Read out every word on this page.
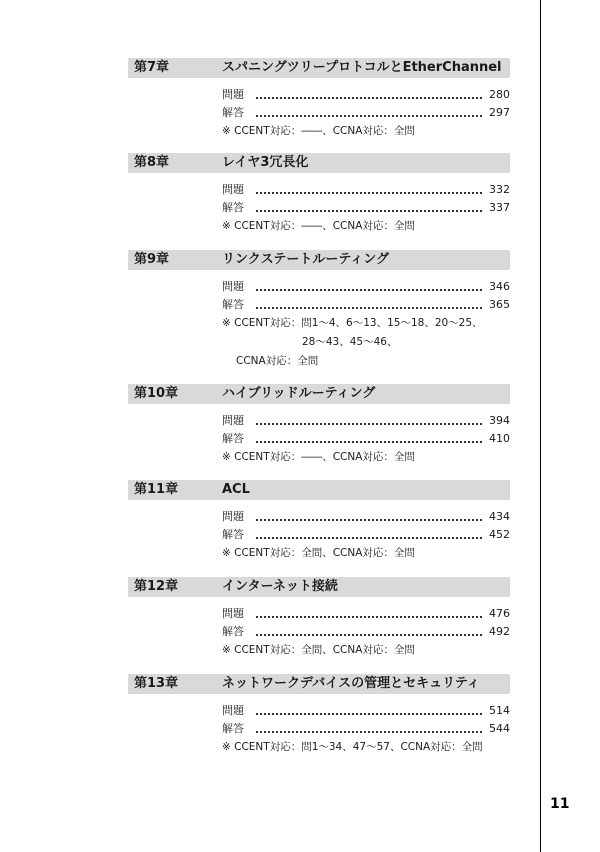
第7章	スパニングツリープロトコルとEtherChannel
問題	280
解答	297
※ CCENT対応：――、CCNA対応：全問
第8章	レイヤ3冗長化
問題	332
解答	337
※ CCENT対応：――、CCNA対応：全問
第9章	リンクステートルーティング
問題	346
解答	365
※ CCENT対応：問1〜4、6〜13、15〜18、20〜25、
28〜43、45〜46、
CCNA対応：全問
第10章	ハイブリッドルーティング
問題	394
解答	410
※ CCENT対応：――、CCNA対応：全問
第11章	ACL
問題	434
解答	452
※ CCENT対応：全問、CCNA対応：全問
第12章	インターネット接続
問題	476
解答	492
※ CCENT対応：全問、CCNA対応：全問
第13章	ネットワークデバイスの管理とセキュリティ
問題	514
解答	544
※ CCENT対応：問1〜34、47〜57、CCNA対応：全問
11
